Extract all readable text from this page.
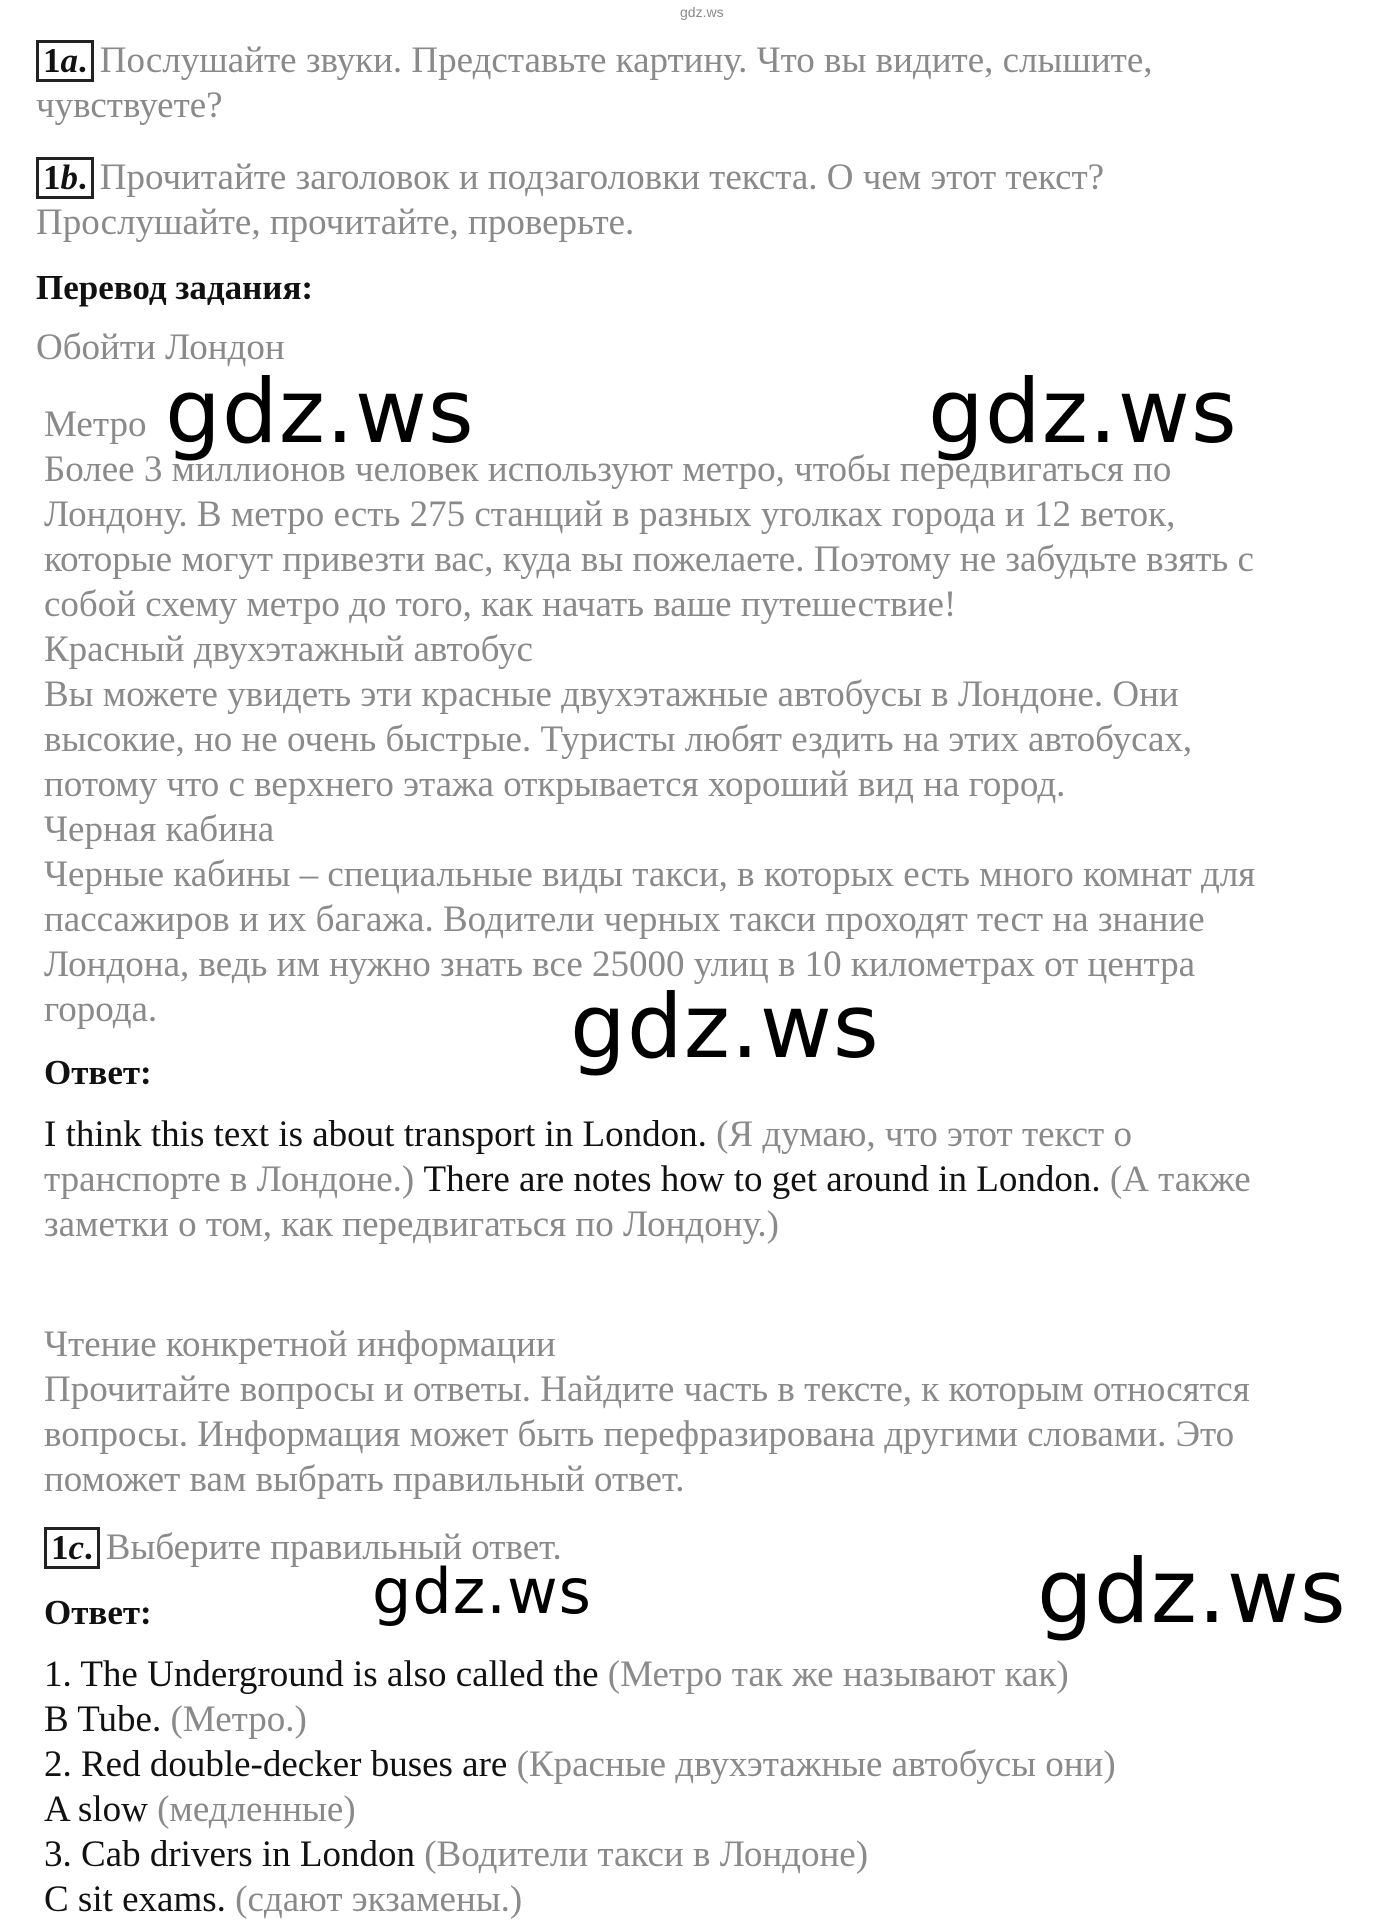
gdz.ws
1a. Послушайте звуки. Представьте картину. Что вы видите, слышите,
чувствуете?
1b. Прочитайте заголовок и подзаголовки текста. О чем этот текст?
Прослушайте, прочитайте, проверьте.
Перевод задания:
Обойти Лондон
Метро
Более 3 миллионов человек используют метро, чтобы передвигаться по
Лондону. В метро есть 275 станций в разных уголках города и 12 веток,
которые могут привезти вас, куда вы пожелаете. Поэтому не забудьте взять с
собой схему метро до того, как начать ваше путешествие!
Красный двухэтажный автобус
Вы можете увидеть эти красные двухэтажные автобусы в Лондоне. Они
высокие, но не очень быстрые. Туристы любят ездить на этих автобусах,
потому что с верхнего этажа открывается хороший вид на город.
Черная кабина
Черные кабины – специальные виды такси, в которых есть много комнат для
пассажиров и их багажа. Водители черных такси проходят тест на знание
Лондона, ведь им нужно знать все 25000 улиц в 10 километрах от центра
города.
Ответ:
I think this text is about transport in London. (Я думаю, что этот текст о
транспорте в Лондоне.) There are notes how to get around in London. (А также
заметки о том, как передвигаться по Лондону.)
Чтение конкретной информации
Прочитайте вопросы и ответы. Найдите часть в тексте, к которым относятся
вопросы. Информация может быть перефразирована другими словами. Это
поможет вам выбрать правильный ответ.
1c. Выберите правильный ответ.
Ответ:
1. The Underground is also called the (Метро так же называют как)
B Tube. (Метро.)
2. Red double-decker buses are (Красные двухэтажные автобусы они)
A slow (медленные)
3. Cab drivers in London (Водители такси в Лондоне)
C sit exams. (сдают экзамены.)
gdz.ws	gdz.ws
gdz.ws
gdz.ws	gdz.ws
